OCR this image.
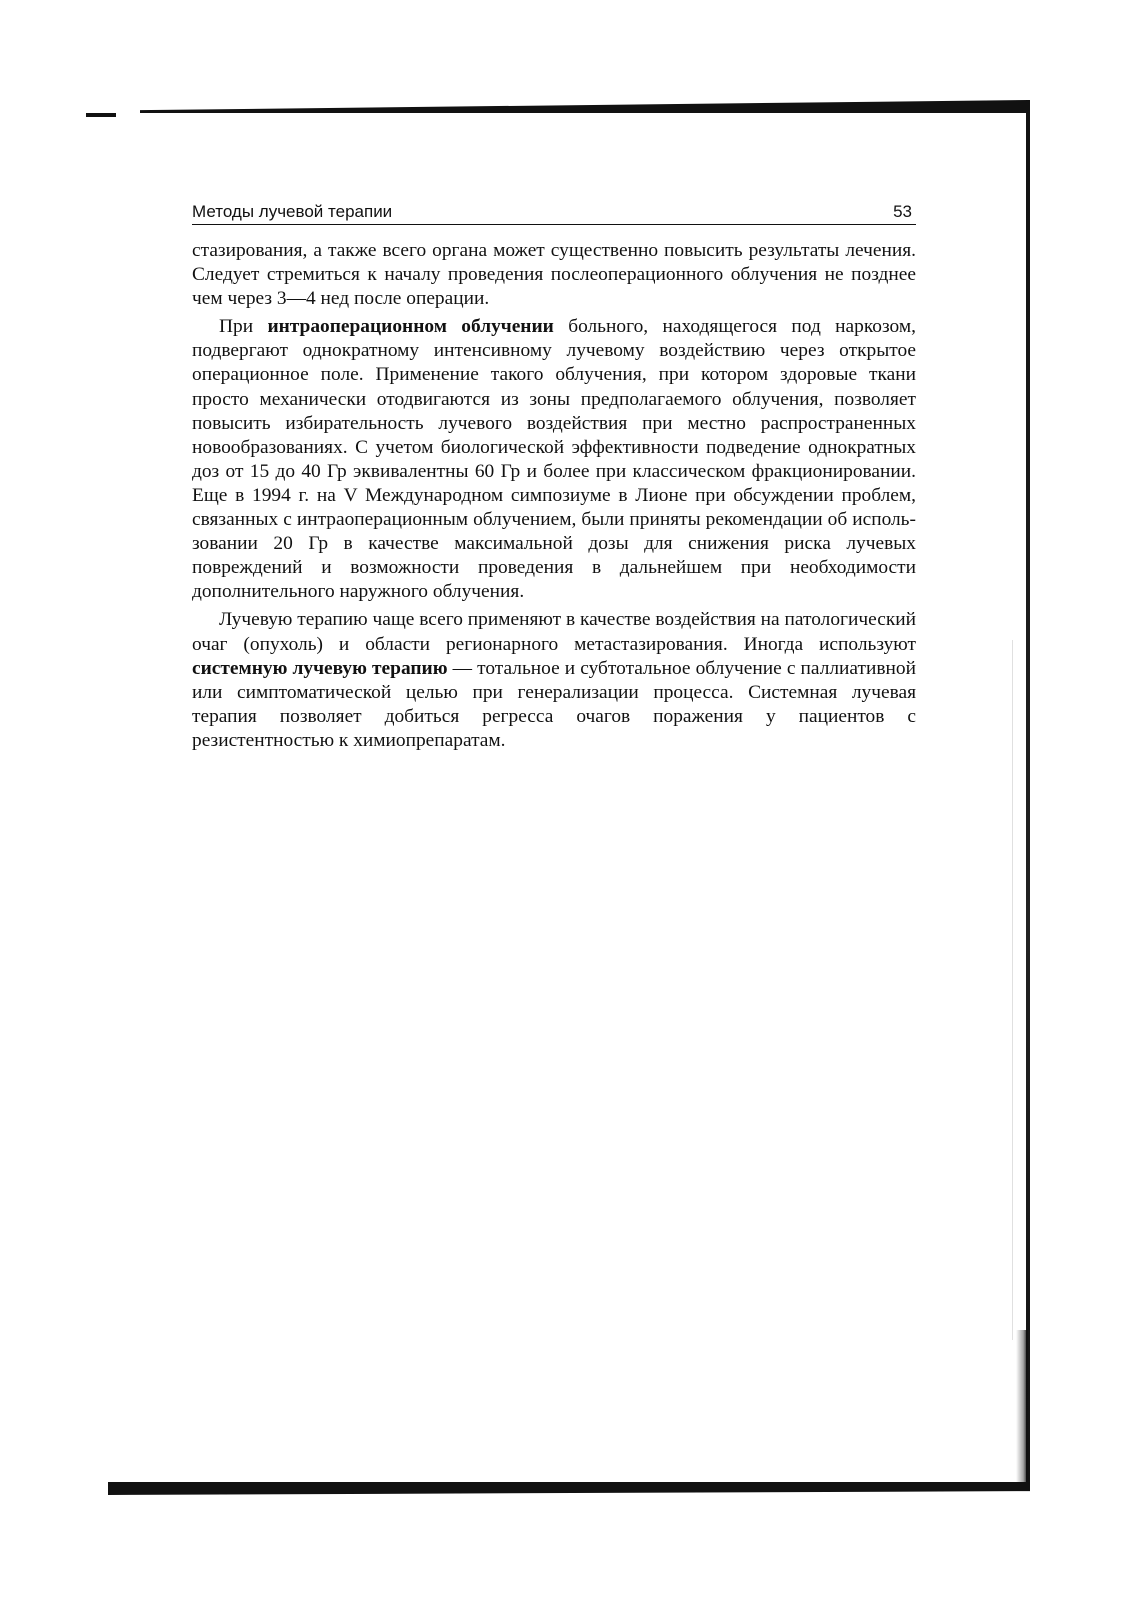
Методы лучевой терапии	53

стазирования, а также всего органа может существенно повысить результаты лечения. Следует стремиться к началу проведения послеоперационного облучения не позднее чем через 3—4 нед после операции.

При интраоперационном облучении больного, находящегося под наркозом, подвергают однократному интенсивному лучевому воздействию через открытое операционное поле. Применение такого облучения, при котором здоровые ткани просто механически отодвигаются из зоны предполагаемого облучения, позволяет повысить избирательность лучевого воздействия при местно распространенных новообразованиях. С учетом биологической эффективности подведение однократных доз от 15 до 40 Гр эквивалентны 60 Гр и более при классическом фракционировании. Еще в 1994 г. на V Международном симпозиуме в Лионе при обсуждении проблем, связанных с интраоперационным облучением, были приняты рекомендации об использовании 20 Гр в качестве максимальной дозы для снижения риска лучевых повреждений и возможности проведения в дальнейшем при необходимости дополнительного наружного облучения.

Лучевую терапию чаще всего применяют в качестве воздействия на патологический очаг (опухоль) и области регионарного метастазирования. Иногда используют системную лучевую терапию — тотальное и субтотальное облучение с паллиативной или симптоматической целью при генерализации процесса. Системная лучевая терапия позволяет добиться регресса очагов поражения у пациентов с резистентностью к химиопрепаратам.
